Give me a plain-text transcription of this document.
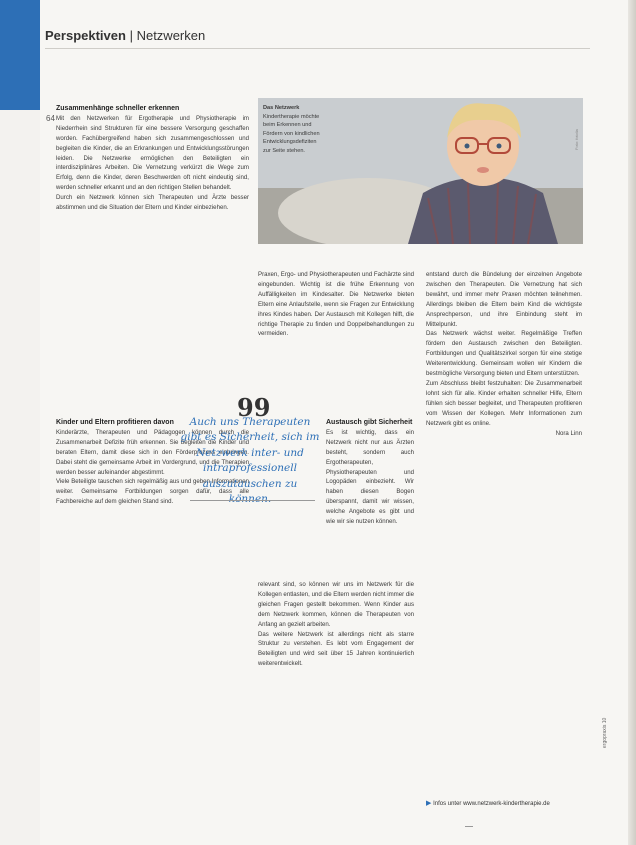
Perspektiven | Netzwerken
64
Zusammenhänge schneller erkennen

Mit den Netzwerken für Ergotherapie und Physiotherapie im Niederrhein sind Strukturen für eine bessere Versorgung geschaffen worden. Fachübergreifend haben sich zusammengeschlossen und begleiten die Kinder, die an Erkrankungen und Entwicklungsstörungen leiden. Die Netzwerke ermöglichen den Beteiligten ein interdisziplinäres Arbeiten. Die Vernetzung verkürzt die Wege zum Erfolg, denn die Kinder, deren Beschwerden oft nicht eindeutig sind, werden schneller erkannt und an den richtigen Stellen behandelt.

Durch ein Netzwerk können sich Therapeuten und Ärzte besser abstimmen und die Situation der Eltern und Kinder einbeziehen.

Das Netzwerk Kindertherapie möchte beim Erkennen und Fördern von kindlichen Entwicklungsdefiziten zur Seite stehen.
Foto: fotolia

Praxen, Ergo- und Physiotherapeuten und Fachärzte sind eingebunden. Wichtig ist die frühe Erkennung von Auffälligkeiten im Kindesalter. Die Netzwerke bieten Eltern eine Anlaufstelle, wenn sie Fragen zur Entwicklung ihres Kindes haben. Der Austausch mit Kollegen hilft, die richtige Therapie zu finden und Doppelbehandlungen zu vermeiden.

entstand durch die Bündelung der einzelnen Angebote zwischen den Therapeuten. Die Vernetzung hat sich bewährt, und immer mehr Praxen möchten teilnehmen. Allerdings bleiben die Eltern beim Kind die wichtigste Ansprechperson, und ihre Einbindung steht im Mittelpunkt.

Das Netzwerk wächst weiter. Regelmäßige Treffen fördern den Austausch zwischen den Beteiligten. Fortbildungen und Qualitätszirkel sorgen für eine stetige Weiterentwicklung. Gemeinsam wollen wir Kindern die bestmögliche Versorgung bieten und Eltern unterstützen.

Zum Abschluss bleibt festzuhalten: Die Zusammenarbeit lohnt sich für alle. Kinder erhalten schneller Hilfe, Eltern fühlen sich besser begleitet, und Therapeuten profitieren vom Wissen der Kollegen. Mehr Informationen zum Netzwerk gibt es online.

Nora Linn

Kinder und Eltern profitieren davon

Kinderärzte, Therapeuten und Pädagogen können durch die Zusammenarbeit Defizite früh erkennen. Sie begleiten die Kinder und beraten Eltern, damit diese sich in den Förderprozess einbringen. Dabei steht die gemeinsame Arbeit im Vordergrund, und die Therapien werden besser aufeinander abgestimmt.

Viele Beteiligte tauschen sich regelmäßig aus und geben Informationen weiter. Gemeinsame Fortbildungen sorgen dafür, dass alle Fachbereiche auf dem gleichen Stand sind.

99
Auch uns Therapeuten gibt es Sicherheit, sich im Netzwerk inter- und intraprofessionell auszutauschen zu
Austausch gibt Sicherheit

Es ist wichtig, dass ein Netzwerk nicht nur aus Ärzten besteht, sondern auch Ergotherapeuten, Physiotherapeuten und Logopäden einbezieht. Wir haben diesen Bogen überspannt, damit wir wissen, welche Angebote es gibt und wie wir sie nutzen können.

relevant sind, so können wir uns im Netzwerk für die Kollegen entlasten, und die Eltern werden nicht immer die gleichen Fragen gestellt bekommen. Wenn Kinder aus dem Netzwerk kommen, können die Therapeuten von Anfang an gezielt arbeiten.

Das weitere Netzwerk ist allerdings nicht als starre Struktur zu verstehen. Es lebt vom Engagement der Beteiligten und wird seit über 15 Jahren kontinuierlich weiterentwickelt.

▶ Infos unter www.netzwerk-kindertherapie.de
ergopraxis 10
